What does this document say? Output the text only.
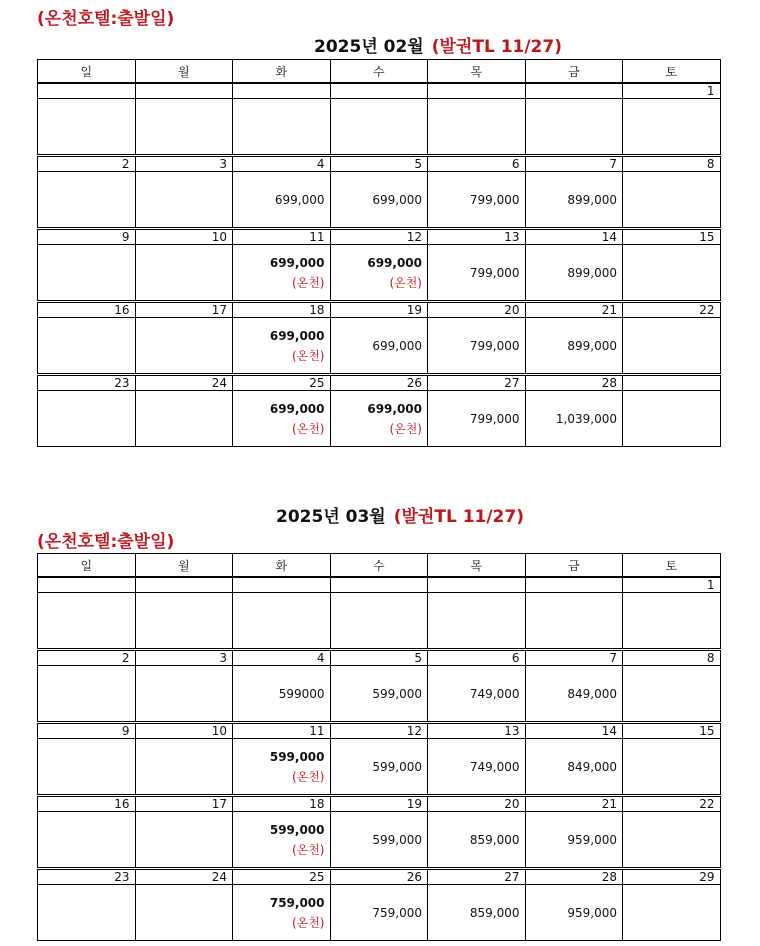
(온천호텔:출발일)
2025년 02월 (발권TL 11/27)
일	월	화	수	목	금	토
						1

2	3	4	5	6	7	8

		699,000	699,000	799,000	899,000	

9	10	11	12	13	14	15

		699,000
(온천)	699,000
(온천)	799,000	899,000	

16	17	18	19	20	21	22

		699,000
(온천)	699,000	799,000	899,000	

23	24	25	26	27	28	

		699,000
(온천)	699,000
(온천)	799,000	1,039,000	

2025년 03월 (발권TL 11/27)
(온천호텔:출발일)
일	월	화	수	목	금	토
						1

2	3	4	5	6	7	8

		599000	599,000	749,000	849,000	

9	10	11	12	13	14	15

		599,000
(온천)	599,000	749,000	849,000	

16	17	18	19	20	21	22

		599,000
(온천)	599,000	859,000	959,000	

23	24	25	26	27	28	29

		759,000
(온천)	759,000	859,000	959,000	
